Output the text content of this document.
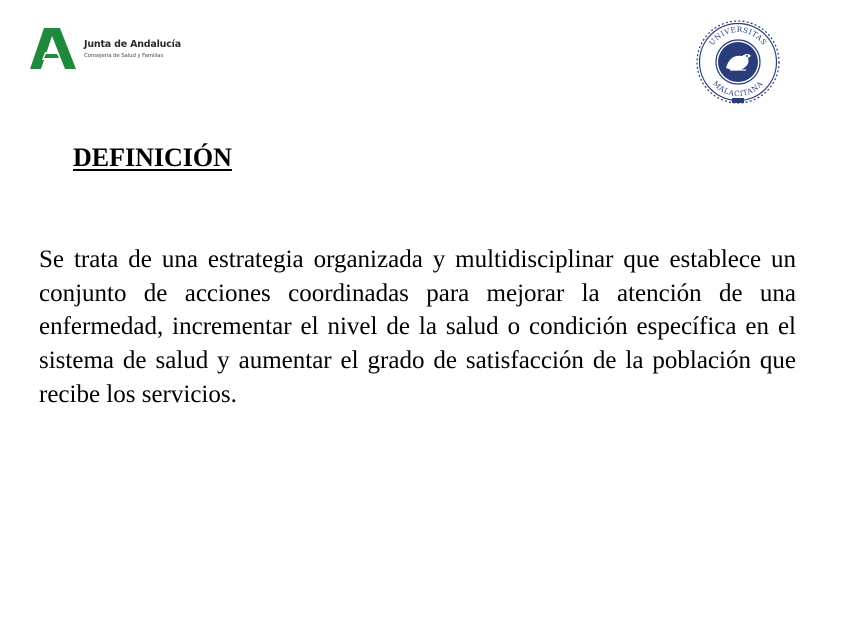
Junta de Andalucía
Consejería de Salud y Familias
UNIVERSITAS
MALACITANA
DEFINICIÓN

Se trata de una estrategia organizada y multidisciplinar que establece un conjunto de acciones coordinadas para mejorar la atención de una enfermedad, incrementar el nivel de la salud o condición específica en el sistema de salud y aumentar el grado de satisfacción de la población que recibe los servicios.
